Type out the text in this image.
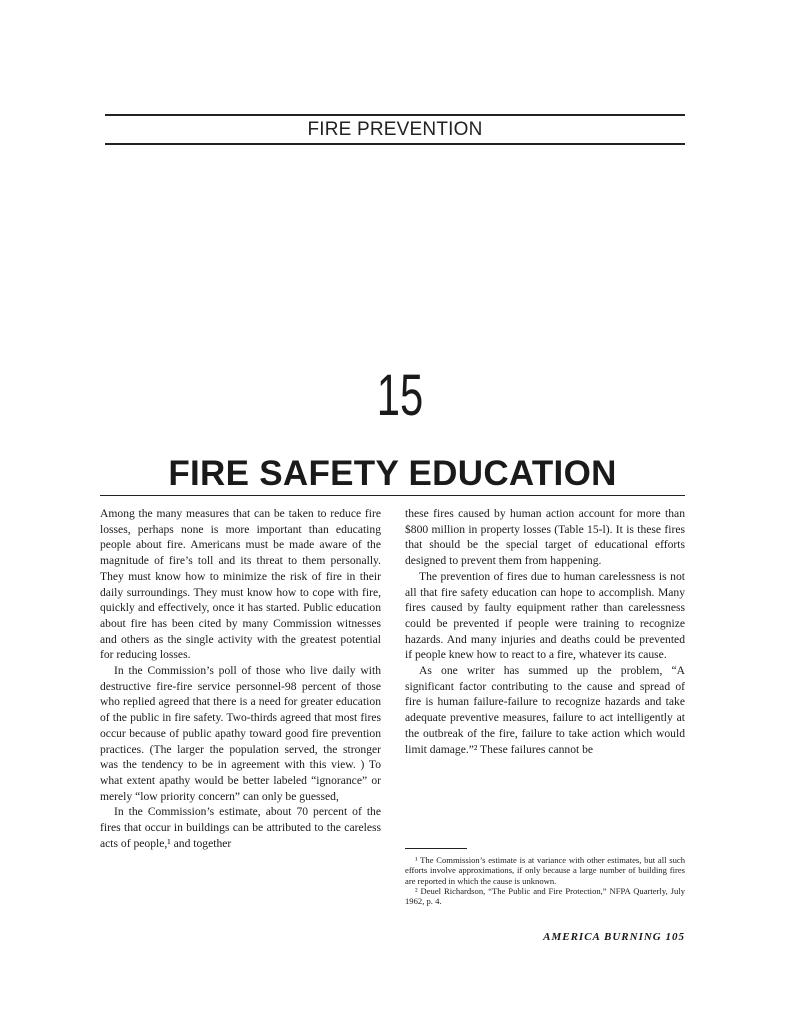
FIRE PREVENTION
15
FIRE SAFETY EDUCATION

Among the many measures that can be taken to reduce fire losses, perhaps none is more important than educating people about fire. Americans must be made aware of the magnitude of fire’s toll and its threat to them personally. They must know how to minimize the risk of fire in their daily surroundings. They must know how to cope with fire, quickly and effectively, once it has started. Public education about fire has been cited by many Commission witnesses and others as the single activity with the greatest potential for reducing losses.

In the Commission’s poll of those who live daily with destructive fire-fire service personnel-98 percent of those who replied agreed that there is a need for greater education of the public in fire safety. Two-thirds agreed that most fires occur because of public apathy toward good fire prevention practices. (The larger the population served, the stronger was the tendency to be in agreement with this view. ) To what extent apathy would be better labeled “ignorance” or merely “low priority concern” can only be guessed,

In the Commission’s estimate, about 70 percent of the fires that occur in buildings can be attributed to the careless acts of people,¹ and together

these fires caused by human action account for more than $800 million in property losses (Table 15-l). It is these fires that should be the special target of educational efforts designed to prevent them from happening.

The prevention of fires due to human carelessness is not all that fire safety education can hope to accomplish. Many fires caused by faulty equipment rather than carelessness could be prevented if people were training to recognize hazards. And many injuries and deaths could be prevented if people knew how to react to a fire, whatever its cause.

As one writer has summed up the problem, “A significant factor contributing to the cause and spread of fire is human failure-failure to recognize hazards and take adequate preventive measures, failure to act intelligently at the outbreak of the fire, failure to take action which would limit damage.”² These failures cannot be

¹ The Commission’s estimate is at variance with other estimates, but all such efforts involve approximations, if only because a large number of building fires are reported in which the cause is unknown.

² Deuel Richardson, “The Public and Fire Protection,” NFPA Quarterly, July 1962, p. 4.

AMERICA BURNING 105
